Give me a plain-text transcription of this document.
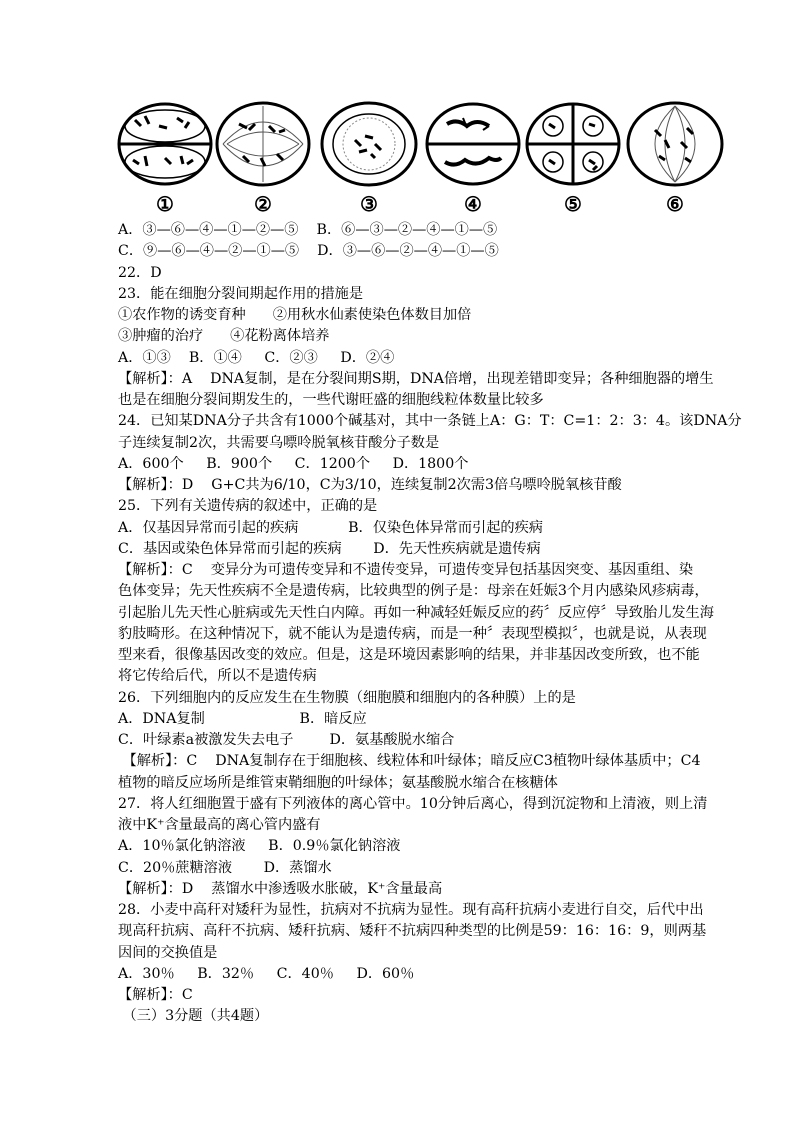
①	②	③	④	⑤	⑥
A．③—⑥—④—①—②—⑤    B．⑥—③—②—④—①—⑤
C．⑨—⑥—④—②—①—⑤    D．③—⑥—②—④—①—⑤
22．D
23．能在细胞分裂间期起作用的措施是
①农作物的诱变育种      ②用秋水仙素使染色体数目加倍
③肿瘤的治疗      ④花粉离体培养
A．①③    B．①④     C．②③     D．②④
【解析】：A    DNA复制，是在分裂间期S期，DNA倍增，出现差错即变异；各种细胞器的增生
也是在细胞分裂间期发生的，一些代谢旺盛的细胞线粒体数量比较多
24．已知某DNA分子共含有1000个碱基对，其中一条链上A：G：T：C=1：2：3：4。该DNA分
子连续复制2次，共需要乌嘌呤脱氧核苷酸分子数是
A．600个     B．900个     C．1200个     D．1800个
【解析】：D    G+C共为6/10，C为3/10，连续复制2次需3倍乌嘌呤脱氧核苷酸
25．下列有关遗传病的叙述中，正确的是
A．仅基因异常而引起的疾病           B．仅染色体异常而引起的疾病
C．基因或染色体异常而引起的疾病       D．先天性疾病就是遗传病
【解析】：C    变异分为可遗传变异和不遗传变异，可遗传变异包括基因突变、基因重组、染
色体变异；先天性疾病不全是遗传病，比较典型的例子是：母亲在妊娠3个月内感染风疹病毒，
引起胎儿先天性心脏病或先天性白内障。再如一种减轻妊娠反应的药〞反应停〞导致胎儿发生海
豹肢畸形。在这种情况下，就不能认为是遗传病，而是一种〞表现型模拟〞，也就是说，从表现
型来看，很像基因改变的效应。但是，这是环境因素影响的结果，并非基因改变所致，也不能
将它传给后代，所以不是遗传病
26．下列细胞内的反应发生在生物膜（细胞膜和细胞内的各种膜）上的是
A．DNA复制                     B．暗反应
C．叶绿素a被激发失去电子        D．氨基酸脱水缩合
【解析】：C    DNA复制存在于细胞核、线粒体和叶绿体；暗反应C3植物叶绿体基质中；C4
植物的暗反应场所是维管束鞘细胞的叶绿体；氨基酸脱水缩合在核糖体
27．将人红细胞置于盛有下列液体的离心管中。10分钟后离心，得到沉淀物和上清液，则上清
液中K⁺含量最高的离心管内盛有
A．10％氯化钠溶液     B．0.9％氯化钠溶液
C．20％蔗糖溶液       D．蒸馏水
【解析】：D    蒸馏水中渗透吸水胀破，K⁺含量最高
28．小麦中高秆对矮秆为显性，抗病对不抗病为显性。现有高秆抗病小麦进行自交，后代中出
现高秆抗病、高秆不抗病、矮秆抗病、矮秆不抗病四种类型的比例是59：16：16：9，则两基
因间的交换值是
A．30％     B．32％     C．40％     D．60％
【解析】：C
（三）3分题（共4题）
